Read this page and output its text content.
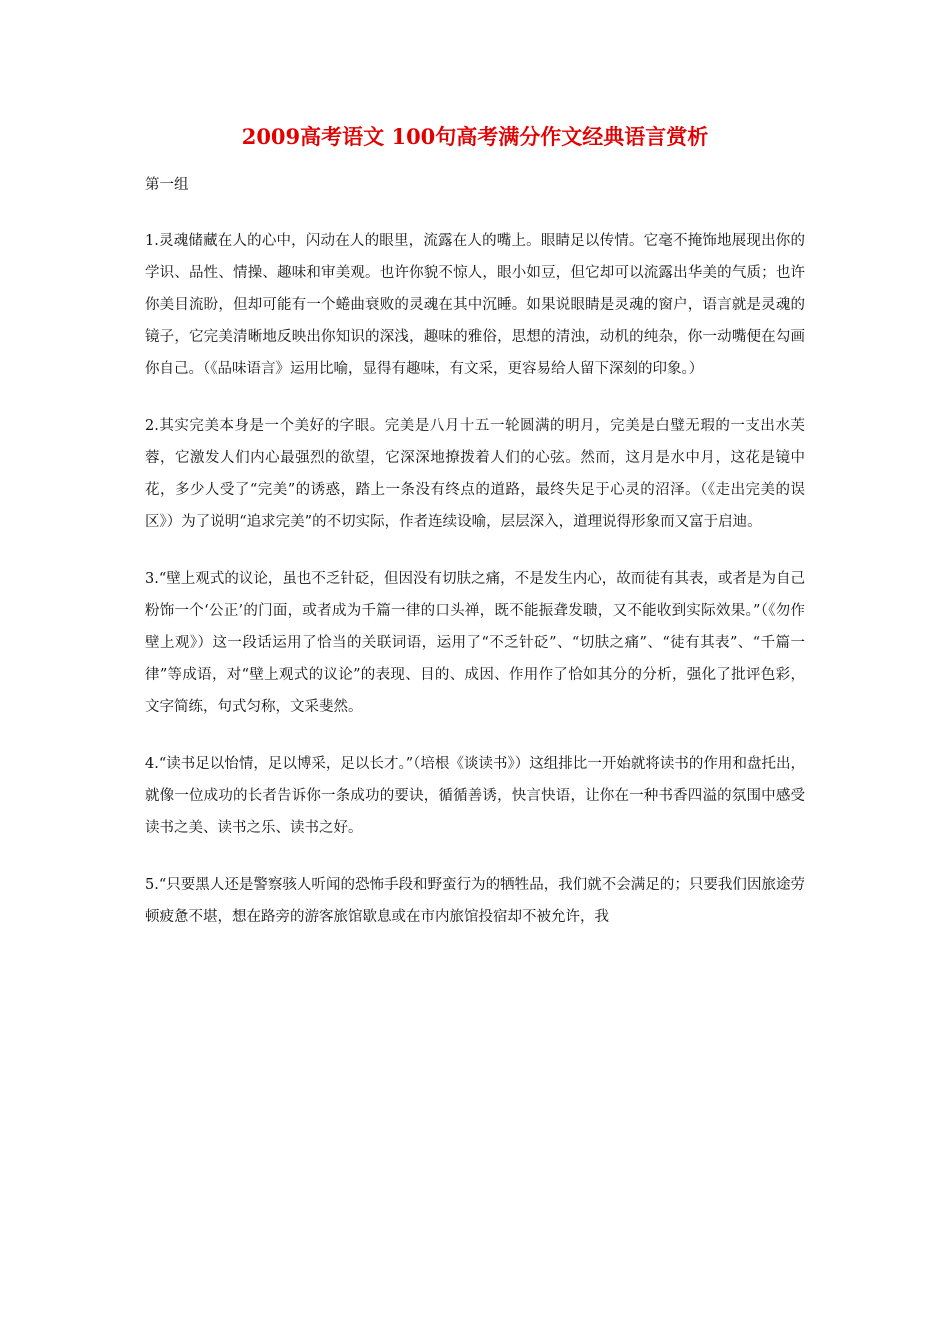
2009高考语文 100句高考满分作文经典语言赏析
第一组

1.灵魂储藏在人的心中，闪动在人的眼里，流露在人的嘴上。眼睛足以传情。它毫不掩饰地展现出你的学识、品性、情操、趣味和审美观。也许你貌不惊人，眼小如豆，但它却可以流露出华美的气质；也许你美目流盼，但却可能有一个蜷曲衰败的灵魂在其中沉睡。如果说眼睛是灵魂的窗户，语言就是灵魂的镜子，它完美清晰地反映出你知识的深浅，趣味的雅俗，思想的清浊，动机的纯杂，你一动嘴便在勾画你自己。（《品味语言》运用比喻，显得有趣味，有文采，更容易给人留下深刻的印象。）

2.其实完美本身是一个美好的字眼。完美是八月十五一轮圆满的明月，完美是白璧无瑕的一支出水芙蓉，它激发人们内心最强烈的欲望，它深深地撩拨着人们的心弦。然而，这月是水中月，这花是镜中花，多少人受了“完美”的诱惑，踏上一条没有终点的道路，最终失足于心灵的沼泽。（《走出完美的误区》）为了说明“追求完美”的不切实际，作者连续设喻，层层深入，道理说得形象而又富于启迪。

3.“壁上观式的议论，虽也不乏针砭，但因没有切肤之痛，不是发生内心，故而徒有其表，或者是为自己粉饰一个‘公正’的门面，或者成为千篇一律的口头禅，既不能振聋发聩，又不能收到实际效果。”（《勿作壁上观》）这一段话运用了恰当的关联词语，运用了“不乏针砭”、“切肤之痛”、“徒有其表”、“千篇一律”等成语，对“壁上观式的议论”的表现、目的、成因、作用作了恰如其分的分析，强化了批评色彩，文字简练，句式匀称，文采斐然。

4.“读书足以怡情，足以博采，足以长才。”（培根《谈读书》）这组排比一开始就将读书的作用和盘托出，就像一位成功的长者告诉你一条成功的要诀，循循善诱，快言快语，让你在一种书香四溢的氛围中感受读书之美、读书之乐、读书之好。

5.“只要黑人还是警察骇人听闻的恐怖手段和野蛮行为的牺牲品，我们就不会满足的；只要我们因旅途劳顿疲惫不堪，想在路旁的游客旅馆歇息或在市内旅馆投宿却不被允许，我
